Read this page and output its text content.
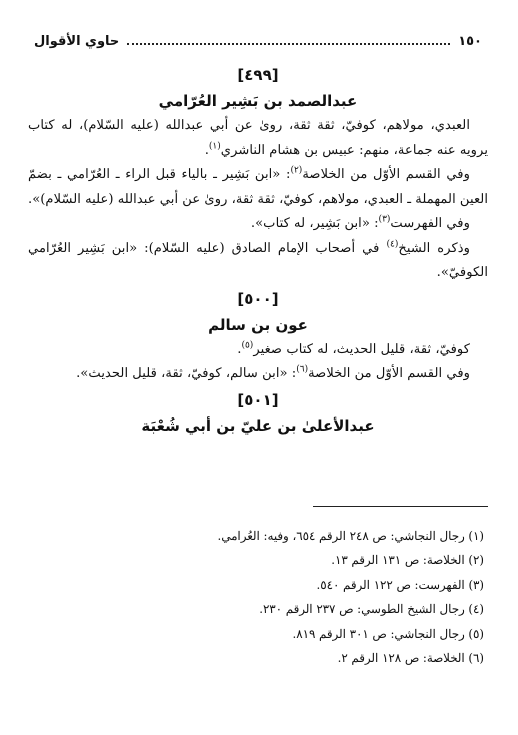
١٥٠
حاوي الأقوال
[٤٩٩]
عبدالصمد بن بَشِير العُرّامي

العبدي، مولاهم، كوفيّ، ثقة ثقة، روىٰ عن أبي عبدالله (عليه السّلام)، له كتاب يرويه عنه جماعة، منهم: عبيس بن هشام الناشري$^{(١)}$.

وفي القسم الأوّل من الخلاصة$^{(٢)}$: «ابن بَشِير ـ بالياء قبل الراء ـ العُرّامي ـ بضمّ العين المهملة ـ العبدي، مولاهم، كوفيّ، ثقة ثقة، روىٰ عن أبي عبدالله (عليه السّلام)».

وفي الفهرست$^{(٣)}$: «ابن بَشِير، له كتاب».

وذكره الشيخ$^{(٤)}$ في أصحاب الإمام الصادق (عليه السّلام): «ابن بَشِير العُرّامي الكوفيّ».

[٥٠٠]
عون بن سالم

كوفيّ، ثقة، قليل الحديث، له كتاب صغير$^{(٥)}$.

وفي القسم الأوّل من الخلاصة$^{(٦)}$: «ابن سالم، كوفيّ، ثقة، قليل الحديث».

[٥٠١]
عبدالأعلىٰ بن عليّ بن أبي شُعْبَة
(١) رجال النجاشي: ص ٢٤٨ الرقم ٦٥٤، وفيه: العُرامي.
(٢) الخلاصة: ص ١٣١ الرقم ١٣.
(٣) الفهرست: ص ١٢٢ الرقم ٥٤٠.
(٤) رجال الشيخ الطوسي: ص ٢٣٧ الرقم ٢٣٠.
(٥) رجال النجاشي: ص ٣٠١ الرقم ٨١٩.
(٦) الخلاصة: ص ١٢٨ الرقم ٢.
